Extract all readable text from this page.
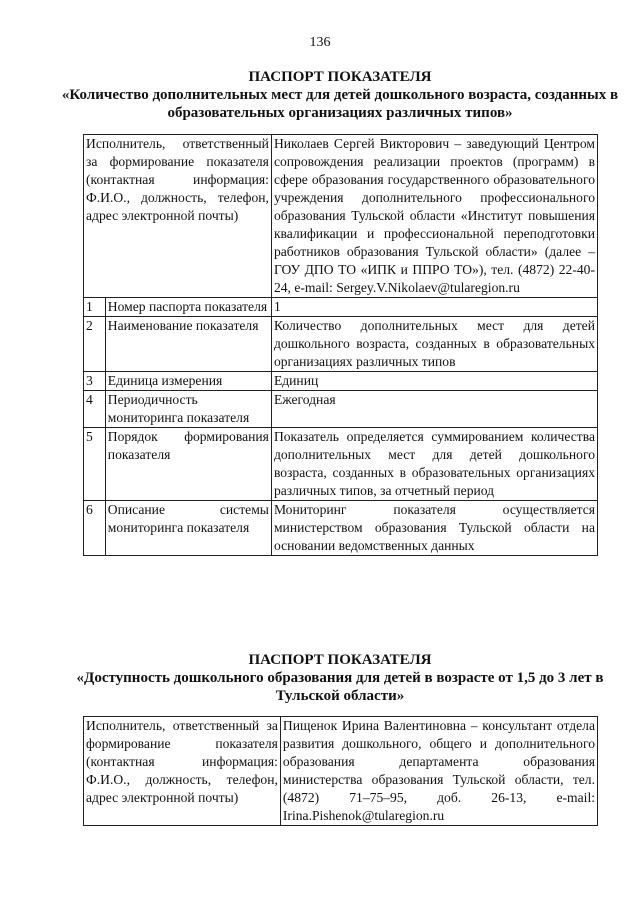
136
ПАСПОРТ ПОКАЗАТЕЛЯ
«Количество дополнительных мест для детей дошкольного возраста, созданных в образовательных организациях различных типов»
Исполнитель, ответственный за формирование показателя (контактная информация: Ф.И.О., должность, телефон, адрес электронной почты)		Николаев Сергей Викторович – заведующий Центром сопровождения реализации проектов (программ) в сфере образования государственного образовательного учреждения дополнительного профессионального образования Тульской области «Институт повышения квалификации и профессиональной переподготовки работников образования Тульской области» (далее – ГОУ ДПО ТО «ИПК и ППРО ТО»), тел. (4872) 22-40-24, e-mail: Sergey.V.Nikolaev@tularegion.ru
1	Номер паспорта показателя	1
2	Наименование показателя	Количество дополнительных мест для детей дошкольного возраста, созданных в образовательных организациях различных типов
3	Единица измерения	Единиц
4	Периодичность мониторинга показателя	Ежегодная
5	Порядок формирования показателя	Показатель определяется суммированием количества дополнительных мест для детей дошкольного возраста, созданных в образовательных организациях различных типов, за отчетный период
6	Описание системы мониторинга показателя	Мониторинг показателя осуществляется министерством образования Тульской области на основании ведомственных данных
ПАСПОРТ ПОКАЗАТЕЛЯ
«Доступность дошкольного образования для детей в возрасте от 1,5 до 3 лет в Тульской области»
Исполнитель, ответственный за формирование показателя (контактная информация: Ф.И.О., должность, телефон, адрес электронной почты)	Пищенок Ирина Валентиновна – консультант отдела развития дошкольного, общего и дополнительного образования департамента образования министерства образования Тульской области, тел. (4872) 71–75–95, доб. 26-13, e-mail: Irina.Pishenok@tularegion.ru
